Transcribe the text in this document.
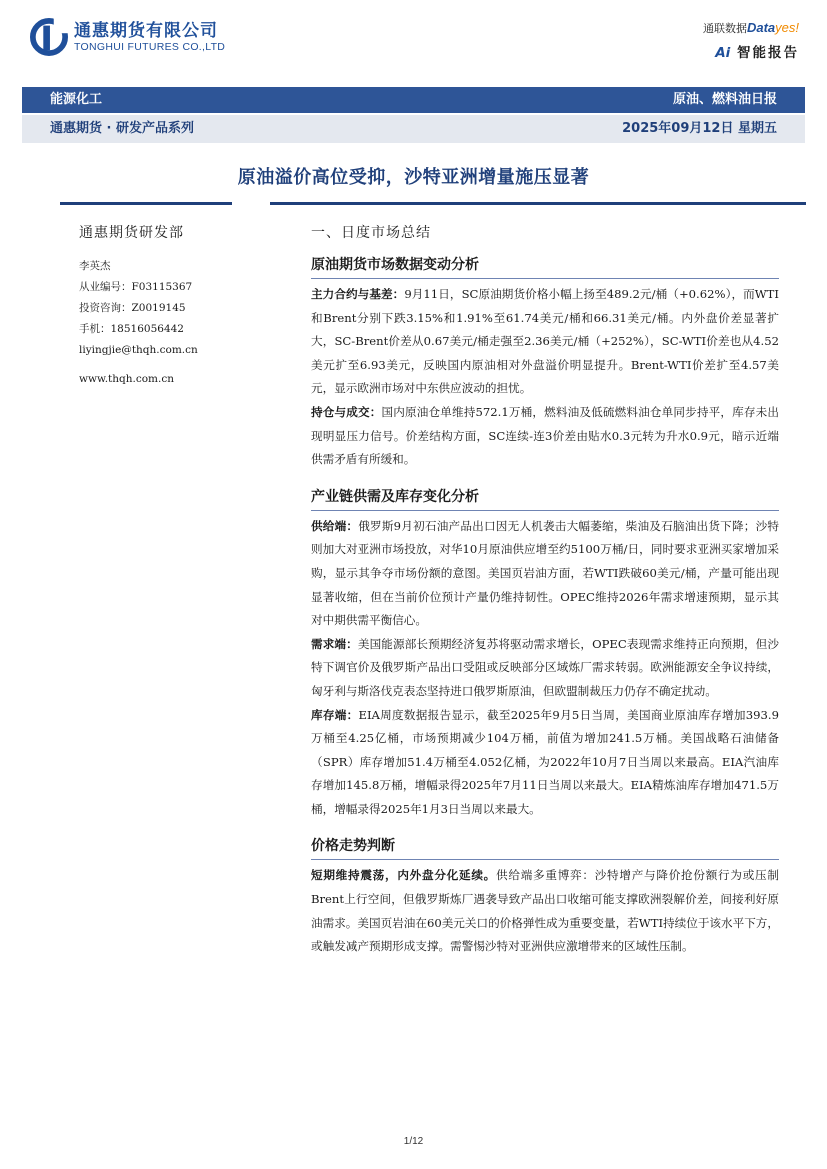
通惠期货有限公司
TONGHUI FUTURES CO.,LTD
通联数据Datayes!
Ai 智能报告
能源化工	原油、燃料油日报
通惠期货 · 研发产品系列	2025年09月12日 星期五
原油溢价高位受抑，沙特亚洲增量施压显著
通惠期货研发部
李英杰
从业编号：F03115367
投资咨询：Z0019145
手机：18516056442
liyingjie@thqh.com.cn
www.thqh.com.cn
一、日度市场总结
原油期货市场数据变动分析

主力合约与基差：9月11日，SC原油期货价格小幅上扬至489.2元/桶（+0.62%），而WTI和Brent分别下跌3.15%和1.91%至61.74美元/桶和66.31美元/桶。内外盘价差显著扩大，SC-Brent价差从0.67美元/桶走强至2.36美元/桶（+252%），SC-WTI价差也从4.52美元扩至6.93美元，反映国内原油相对外盘溢价明显提升。Brent-WTI价差扩至4.57美元，显示欧洲市场对中东供应波动的担忧。

持仓与成交：国内原油仓单维持572.1万桶，燃料油及低硫燃料油仓单同步持平，库存未出现明显压力信号。价差结构方面，SC连续-连3价差由贴水0.3元转为升水0.9元，暗示近端供需矛盾有所缓和。

产业链供需及库存变化分析

供给端：俄罗斯9月初石油产品出口因无人机袭击大幅萎缩，柴油及石脑油出货下降；沙特则加大对亚洲市场投放，对华10月原油供应增至约5100万桶/日，同时要求亚洲买家增加采购，显示其争夺市场份额的意图。美国页岩油方面，若WTI跌破60美元/桶，产量可能出现显著收缩，但在当前价位预计产量仍维持韧性。OPEC维持2026年需求增速预期，显示其对中期供需平衡信心。

需求端：美国能源部长预期经济复苏将驱动需求增长，OPEC表现需求维持正向预期，但沙特下调官价及俄罗斯产品出口受阻或反映部分区域炼厂需求转弱。欧洲能源安全争议持续，匈牙利与斯洛伐克表态坚持进口俄罗斯原油，但欧盟制裁压力仍存不确定扰动。

库存端：EIA周度数据报告显示，截至2025年9月5日当周，美国商业原油库存增加393.9万桶至4.25亿桶，市场预期减少104万桶，前值为增加241.5万桶。美国战略石油储备（SPR）库存增加51.4万桶至4.052亿桶，为2022年10月7日当周以来最高。EIA汽油库存增加145.8万桶，增幅录得2025年7月11日当周以来最大。EIA精炼油库存增加471.5万桶，增幅录得2025年1月3日当周以来最大。

价格走势判断

短期维持震荡，内外盘分化延续。供给端多重博弈：沙特增产与降价抢份额行为或压制Brent上行空间，但俄罗斯炼厂遇袭导致产品出口收缩可能支撑欧洲裂解价差，间接利好原油需求。美国页岩油在60美元关口的价格弹性成为重要变量，若WTI持续位于该水平下方，或触发减产预期形成支撑。需警惕沙特对亚洲供应激增带来的区域性压制。

1/12
